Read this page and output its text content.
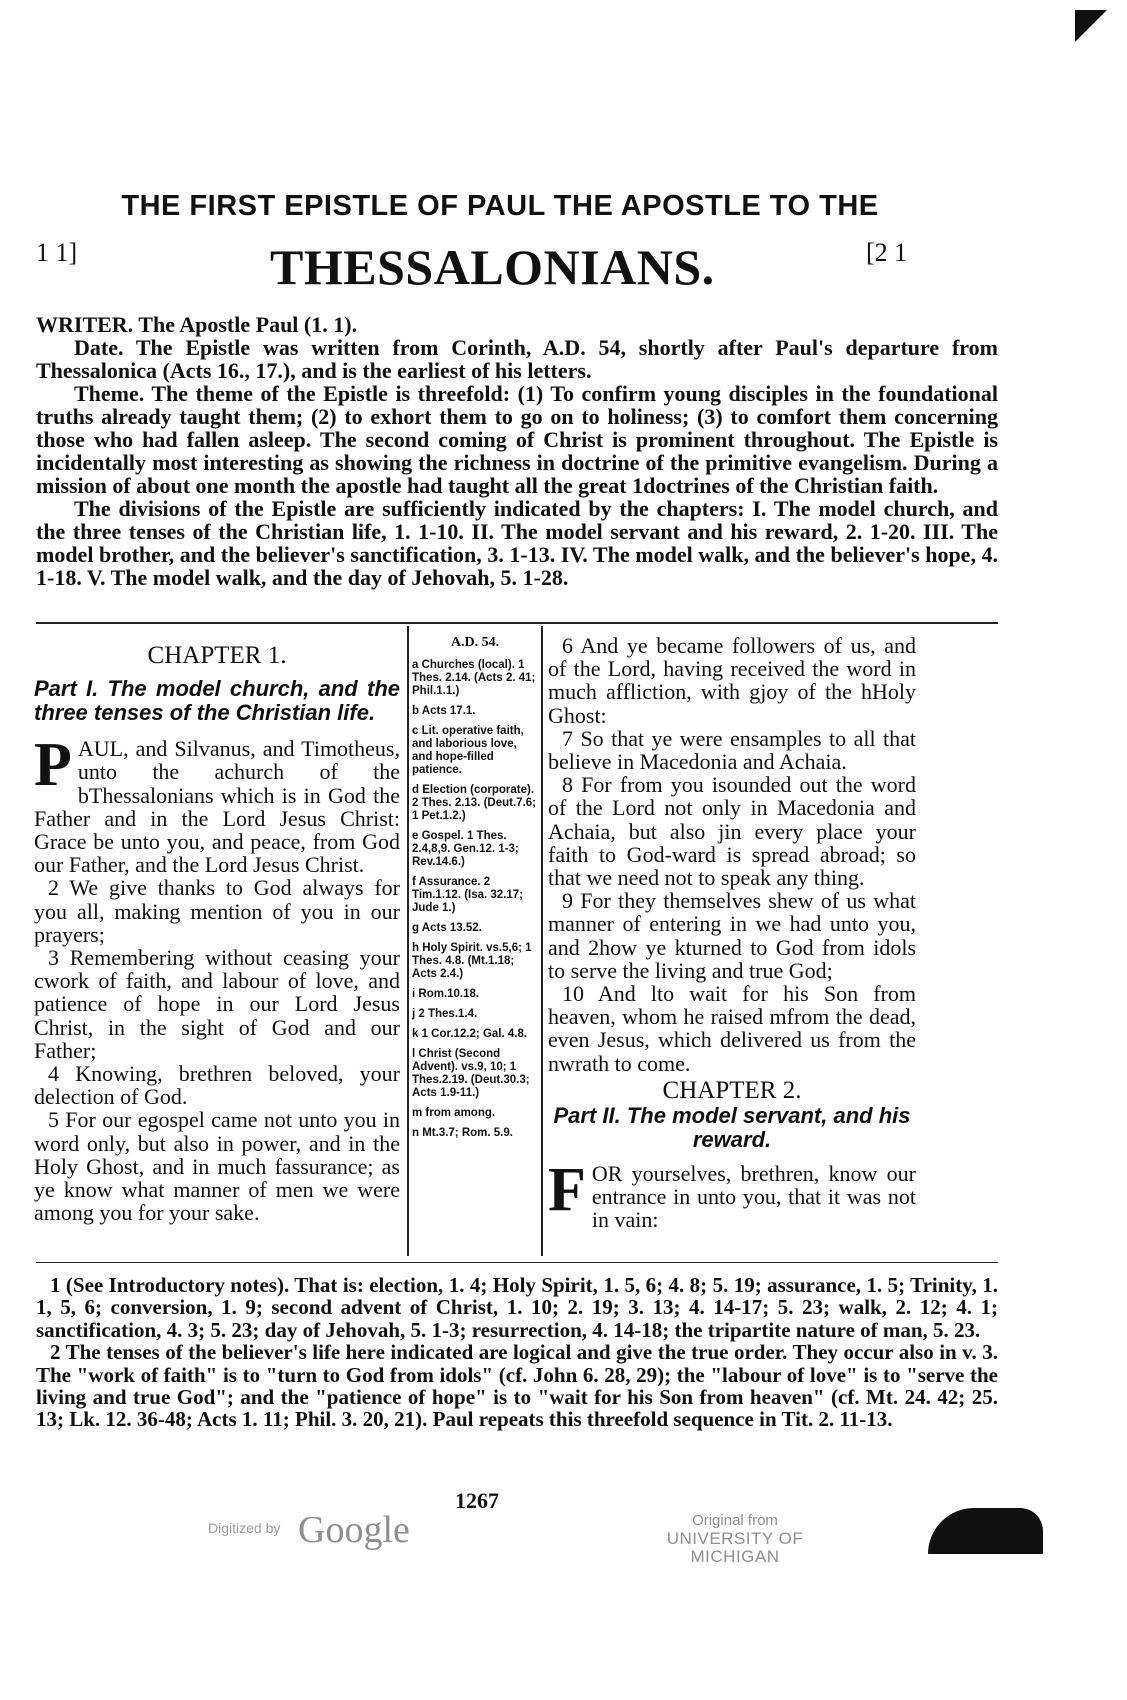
THE FIRST EPISTLE OF PAUL THE APOSTLE TO THE
1 1]	THESSALONIANS.	[2 1

WRITER. The Apostle Paul (1. 1).

Date. The Epistle was written from Corinth, A.D. 54, shortly after Paul's departure from Thessalonica (Acts 16., 17.), and is the earliest of his letters.

Theme. The theme of the Epistle is threefold: (1) To confirm young disciples in the foundational truths already taught them; (2) to exhort them to go on to holiness; (3) to comfort them concerning those who had fallen asleep. The second coming of Christ is prominent throughout. The Epistle is incidentally most interesting as showing the richness in doctrine of the primitive evangelism. During a mission of about one month the apostle had taught all the great 1doctrines of the Christian faith.

The divisions of the Epistle are sufficiently indicated by the chapters: I. The model church, and the three tenses of the Christian life, 1. 1-10. II. The model servant and his reward, 2. 1-20. III. The model brother, and the believer's sanctification, 3. 1-13. IV. The model walk, and the believer's hope, 4. 1-18. V. The model walk, and the day of Jehovah, 5. 1-28.

CHAPTER 1.
Part I. The model church, and the three tenses of the Christian life.

PAUL, and Silvanus, and Timotheus, unto the achurch of the bThessalonians which is in God the Father and in the Lord Jesus Christ: Grace be unto you, and peace, from God our Father, and the Lord Jesus Christ.

2 We give thanks to God always for you all, making mention of you in our prayers;

3 Remembering without ceasing your cwork of faith, and labour of love, and patience of hope in our Lord Jesus Christ, in the sight of God and our Father;

4 Knowing, brethren beloved, your delection of God.

5 For our egospel came not unto you in word only, but also in power, and in the Holy Ghost, and in much fassurance; as ye know what manner of men we were among you for your sake.

A.D. 54.
a Churches (local). 1 Thes. 2.14. (Acts 2. 41; Phil.1.1.)
b Acts 17.1.
c Lit. operative faith, and laborious love, and hope-filled patience.
d Election (corporate). 2 Thes. 2.13. (Deut.7.6; 1 Pet.1.2.)
e Gospel. 1 Thes. 2.4,8,9. Gen.12. 1-3; Rev.14.6.)
f Assurance. 2 Tim.1.12. (Isa. 32.17; Jude 1.)
g Acts 13.52.
h Holy Spirit. vs.5,6; 1 Thes. 4.8. (Mt.1.18; Acts 2.4.)
i Rom.10.18.
j 2 Thes.1.4.
k 1 Cor.12.2; Gal. 4.8.
l Christ (Second Advent). vs.9, 10; 1 Thes.2.19. (Deut.30.3; Acts 1.9-11.)
m from among.
n Mt.3.7; Rom. 5.9.

6 And ye became followers of us, and of the Lord, having received the word in much affliction, with gjoy of the hHoly Ghost:

7 So that ye were ensamples to all that believe in Macedonia and Achaia.

8 For from you isounded out the word of the Lord not only in Macedonia and Achaia, but also jin every place your faith to God-ward is spread abroad; so that we need not to speak any thing.

9 For they themselves shew of us what manner of entering in we had unto you, and 2how ye kturned to God from idols to serve the living and true God;

10 And lto wait for his Son from heaven, whom he raised mfrom the dead, even Jesus, which delivered us from the nwrath to come.

CHAPTER 2.
Part II. The model servant, and his reward.

FOR yourselves, brethren, know our entrance in unto you, that it was not in vain:

1 (See Introductory notes). That is: election, 1. 4; Holy Spirit, 1. 5, 6; 4. 8; 5. 19; assurance, 1. 5; Trinity, 1. 1, 5, 6; conversion, 1. 9; second advent of Christ, 1. 10; 2. 19; 3. 13; 4. 14-17; 5. 23; walk, 2. 12; 4. 1; sanctification, 4. 3; 5. 23; day of Jehovah, 5. 1-3; resurrection, 4. 14-18; the tripartite nature of man, 5. 23.

2 The tenses of the believer's life here indicated are logical and give the true order. They occur also in v. 3. The "work of faith" is to "turn to God from idols" (cf. John 6. 28, 29); the "labour of love" is to "serve the living and true God"; and the "patience of hope" is to "wait for his Son from heaven" (cf. Mt. 24. 42; 25. 13; Lk. 12. 36-48; Acts 1. 11; Phil. 3. 20, 21). Paul repeats this threefold sequence in Tit. 2. 11-13.

1267
Digitized by Google	Original from
UNIVERSITY OF MICHIGAN
